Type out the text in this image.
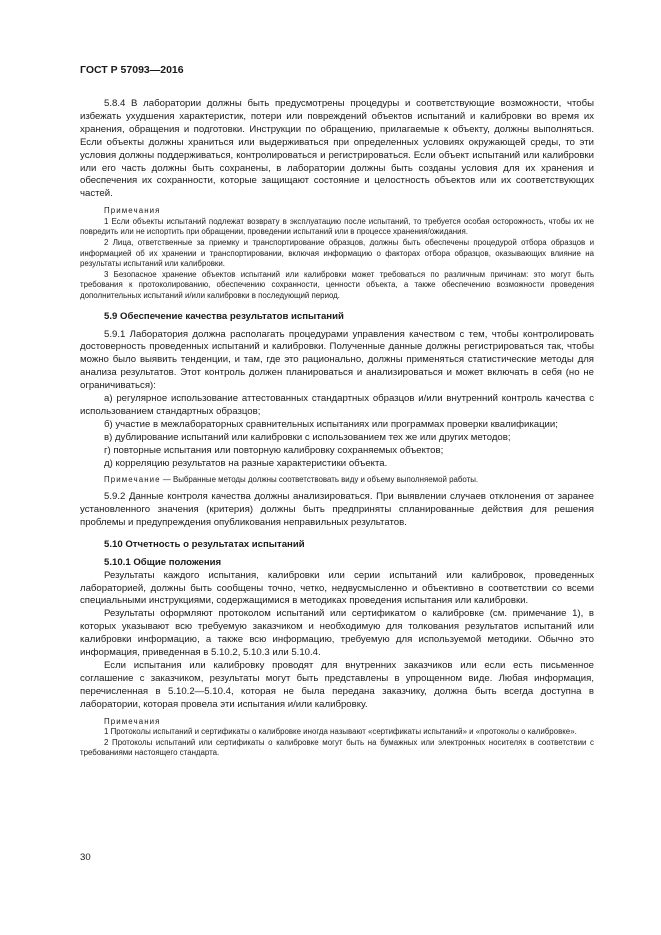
ГОСТ Р 57093—2016

5.8.4 В лаборатории должны быть предусмотрены процедуры и соответствующие возможности, чтобы избежать ухудшения характеристик, потери или повреждений объектов испытаний и калибровки во время их хранения, обращения и подготовки. Инструкции по обращению, прилагаемые к объекту, должны выполняться. Если объекты должны храниться или выдерживаться при определенных условиях окружающей среды, то эти условия должны поддерживаться, контролироваться и регистрироваться. Если объект испытаний или калибровки или его часть должны быть сохранены, в лаборатории должны быть созданы условия для их хранения и обеспечения их сохранности, которые защищают состояние и целостность объектов или их соответствующих частей.

Примечания

1 Если объекты испытаний подлежат возврату в эксплуатацию после испытаний, то требуется особая осторожность, чтобы их не повредить или не испортить при обращении, проведении испытаний или в процессе хранения/ожидания.

2 Лица, ответственные за приемку и транспортирование образцов, должны быть обеспечены процедурой отбора образцов и информацией об их хранении и транспортировании, включая информацию о факторах отбора образцов, оказывающих влияние на результаты испытаний или калибровки.

3 Безопасное хранение объектов испытаний или калибровки может требоваться по различным причинам: это могут быть требования к протоколированию, обеспечению сохранности, ценности объекта, а также обеспечению возможности проведения дополнительных испытаний и/или калибровки в последующий период.

5.9 Обеспечение качества результатов испытаний

5.9.1 Лаборатория должна располагать процедурами управления качеством с тем, чтобы контролировать достоверность проведенных испытаний и калибровки. Полученные данные должны регистрироваться так, чтобы можно было выявить тенденции, и там, где это рационально, должны применяться статистические методы для анализа результатов. Этот контроль должен планироваться и анализироваться и может включать в себя (но не ограничиваться):

а) регулярное использование аттестованных стандартных образцов и/или внутренний контроль качества с использованием стандартных образцов;

б) участие в межлабораторных сравнительных испытаниях или программах проверки квалификации;

в) дублирование испытаний или калибровки с использованием тех же или других методов;

г) повторные испытания или повторную калибровку сохраняемых объектов;

д) корреляцию результатов на разные характеристики объекта.

Примечание — Выбранные методы должны соответствовать виду и объему выполняемой работы.

5.9.2 Данные контроля качества должны анализироваться. При выявлении случаев отклонения от заранее установленного значения (критерия) должны быть предприняты спланированные действия для решения проблемы и предупреждения опубликования неправильных результатов.

5.10 Отчетность о результатах испытаний

5.10.1 Общие положения

Результаты каждого испытания, калибровки или серии испытаний или калибровок, проведенных лабораторией, должны быть сообщены точно, четко, недвусмысленно и объективно в соответствии со всеми специальными инструкциями, содержащимися в методиках проведения испытания или калибровки.

Результаты оформляют протоколом испытаний или сертификатом о калибровке (см. примечание 1), в которых указывают всю требуемую заказчиком и необходимую для толкования результатов испытаний или калибровки информацию, а также всю информацию, требуемую для используемой методики. Обычно это информация, приведенная в 5.10.2, 5.10.3 или 5.10.4.

Если испытания или калибровку проводят для внутренних заказчиков или если есть письменное соглашение с заказчиком, результаты могут быть представлены в упрощенном виде. Любая информация, перечисленная в 5.10.2—5.10.4, которая не была передана заказчику, должна быть всегда доступна в лаборатории, которая провела эти испытания и/или калибровку.

Примечания

1 Протоколы испытаний и сертификаты о калибровке иногда называют «сертификаты испытаний» и «протоколы о калибровке».

2 Протоколы испытаний или сертификаты о калибровке могут быть на бумажных или электронных носителях в соответствии с требованиями настоящего стандарта.

30
